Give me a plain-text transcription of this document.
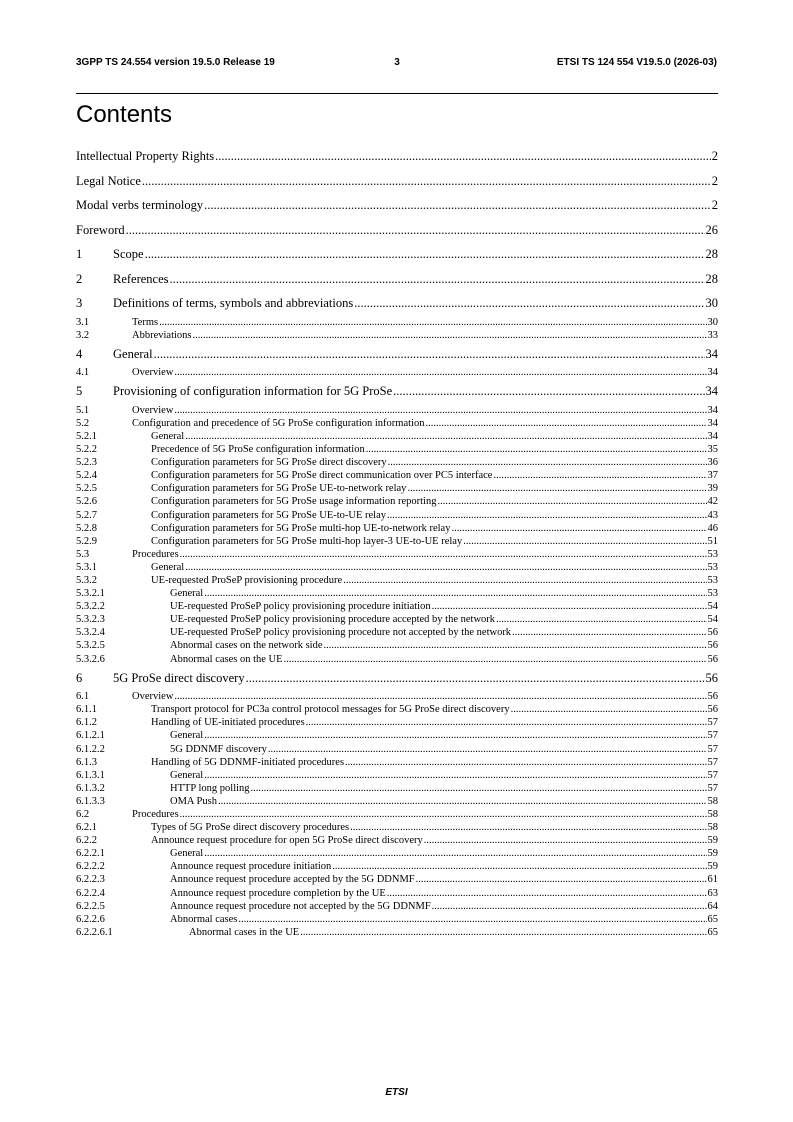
3GPP TS 24.554 version 19.5.0 Release 19	3	ETSI TS 124 554 V19.5.0 (2026-03)
Contents
Intellectual Property Rights .....	2
Legal Notice .....	2
Modal verbs terminology .....	2
Foreword .....	26
1	Scope .....	28
2	References .....	28
3	Definitions of terms, symbols and abbreviations .....	30
3.1	Terms .....	30
3.2	Abbreviations .....	33
4	General .....	34
4.1	Overview .....	34
5	Provisioning of configuration information for 5G ProSe .....	34
5.1	Overview .....	34
5.2	Configuration and precedence of 5G ProSe configuration information .....	34
5.2.1	General .....	34
5.2.2	Precedence of 5G ProSe configuration information .....	35
5.2.3	Configuration parameters for 5G ProSe direct discovery .....	36
5.2.4	Configuration parameters for 5G ProSe direct communication over PC5 interface .....	37
5.2.5	Configuration parameters for 5G ProSe UE-to-network relay .....	39
5.2.6	Configuration parameters for 5G ProSe usage information reporting .....	42
5.2.7	Configuration parameters for 5G ProSe UE-to-UE relay .....	43
5.2.8	Configuration parameters for 5G ProSe multi-hop UE-to-network relay .....	46
5.2.9	Configuration parameters for 5G ProSe multi-hop layer-3 UE-to-UE relay .....	51
5.3	Procedures .....	53
5.3.1	General .....	53
5.3.2	UE-requested ProSeP provisioning procedure .....	53
5.3.2.1	General .....	53
5.3.2.2	UE-requested ProSeP policy provisioning procedure initiation .....	54
5.3.2.3	UE-requested ProSeP policy provisioning procedure accepted by the network .....	54
5.3.2.4	UE-requested ProSeP policy provisioning procedure not accepted by the network .....	56
5.3.2.5	Abnormal cases on the network side .....	56
5.3.2.6	Abnormal cases on the UE .....	56
6	5G ProSe direct discovery .....	56
6.1	Overview .....	56
6.1.1	Transport protocol for PC3a control protocol messages for 5G ProSe direct discovery .....	56
6.1.2	Handling of UE-initiated procedures .....	57
6.1.2.1	General .....	57
6.1.2.2	5G DDNMF discovery .....	57
6.1.3	Handling of 5G DDNMF-initiated procedures .....	57
6.1.3.1	General .....	57
6.1.3.2	HTTP long polling .....	57
6.1.3.3	OMA Push .....	58
6.2	Procedures .....	58
6.2.1	Types of 5G ProSe direct discovery procedures .....	58
6.2.2	Announce request procedure for open 5G ProSe direct discovery .....	59
6.2.2.1	General .....	59
6.2.2.2	Announce request procedure initiation .....	59
6.2.2.3	Announce request procedure accepted by the 5G DDNMF .....	61
6.2.2.4	Announce request procedure completion by the UE .....	63
6.2.2.5	Announce request procedure not accepted by the 5G DDNMF .....	64
6.2.2.6	Abnormal cases .....	65
6.2.2.6.1	Abnormal cases in the UE .....	65
ETSI
